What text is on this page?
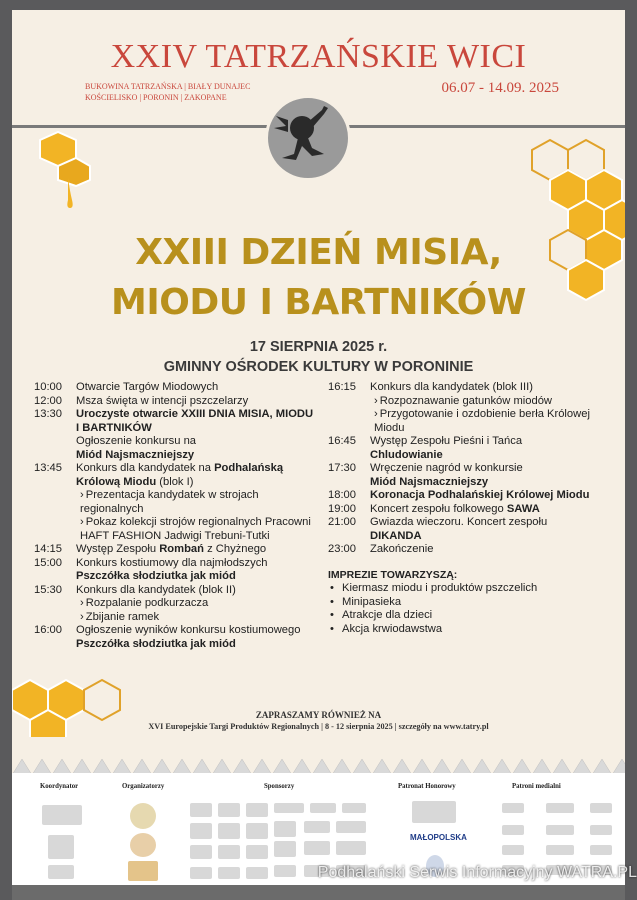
XXIV TATRZAŃSKIE WICI
BUKOWINA TATRZAŃSKA | BIAŁY DUNAJEC
KOŚCIELISKO | PORONIN | ZAKOPANE
06.07 - 14.09. 2025
XXIII DZIEŃ MISIA,
MIODU I BARTNIKÓW
17 SIERPNIA 2025 r.
GMINNY OŚRODEK KULTURY W PORONINIE
10:00	Otwarcie Targów Miodowych
12:00	Msza święta w intencji pszczelarzy
13:30	Uroczyste otwarcie XXIII DNIA MISIA, MIODU I BARTNIKÓW
Ogłoszenie konkursu na
Miód Najsmaczniejszy
13:45	Konkurs dla kandydatek na Podhalańską Królową Miodu (blok I)
› Prezentacja kandydatek w strojach regionalnych
› Pokaz kolekcji strojów regionalnych Pracowni HAFT FASHION Jadwigi Trebuni-Tutki
14:15	Występ Zespołu Rombań z Chyżnego
15:00	Konkurs kostiumowy dla najmłodszych
Pszczółka słodziutka jak miód
15:30	Konkurs dla kandydatek (blok II)
› Rozpalanie podkurzacza
› Zbijanie ramek
16:00	Ogłoszenie wyników konkursu kostiumowego Pszczółka słodziutka jak miód
16:15	Konkurs dla kandydatek (blok III)
› Rozpoznawanie gatunków miodów
› Przygotowanie i ozdobienie berła Królowej Miodu
16:45	Występ Zespołu Pieśni i Tańca
Chludowianie
17:30	Wręczenie nagród w konkursie
Miód Najsmaczniejszy
18:00	Koronacja Podhalańskiej Królowej Miodu
19:00	Koncert zespołu folkowego SAWA
21:00	Gwiazda wieczoru. Koncert zespołu
DIKANDA
23:00	Zakończenie
IMPREZIE TOWARZYSZĄ:
• Kiermasz miodu i produktów pszczelich
• Minipasieka
• Atrakcje dla dzieci
• Akcja krwiodawstwa
ZAPRASZAMY RÓWNIEŻ NA
XVI Europejskie Targi Produktów Regionalnych | 8 - 12 sierpnia 2025 | szczegóły na www.tatry.pl
Koordynator	Organizatorzy	Sponsorzy	Patronat Honorowy	Patroni medialni
MAŁOPOLSKA
Podhalański Serwis Informacyjny WATRA.PL
